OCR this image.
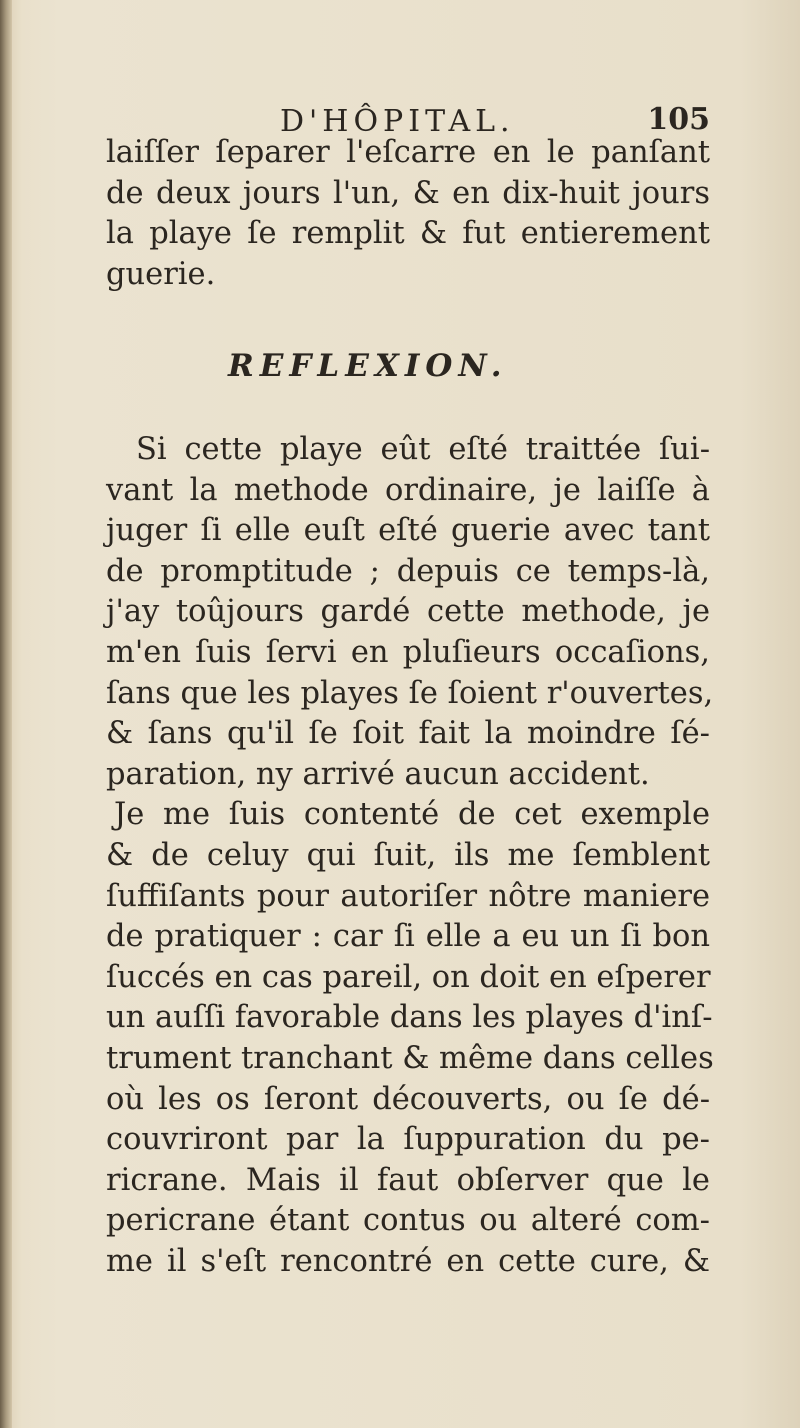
D'HÔPITAL.	105
laiſſer ſeparer l'eſcarre en le panſant
de deux jours l'un, & en dix-huit jours
la playe ſe remplit & fut entierement
guerie.
REFLEXION.
Si cette playe eût eſté traittée ſui-
vant la methode ordinaire, je laiſſe à
juger ſi elle euſt eſté guerie avec tant
de promptitude ; depuis ce temps-là,
j'ay toûjours gardé cette methode, je
m'en ſuis ſervi en pluſieurs occaſions,
ſans que les playes ſe ſoient r'ouvertes,
& ſans qu'il ſe ſoit fait la moindre ſé-
paration, ny arrivé aucun accident.
Je me ſuis contenté de cet exemple
& de celuy qui ſuit, ils me ſemblent
ſuffiſants pour autoriſer nôtre maniere
de pratiquer : car ſi elle a eu un ſi bon
ſuccés en cas pareil, on doit en eſperer
un auſſi favorable dans les playes d'inſ-
trument tranchant & même dans celles
où les os ſeront découverts, ou ſe dé-
couvriront par la ſuppuration du pe-
ricrane. Mais il faut obſerver que le
pericrane étant contus ou alteré com-
me il s'eſt rencontré en cette cure, &
